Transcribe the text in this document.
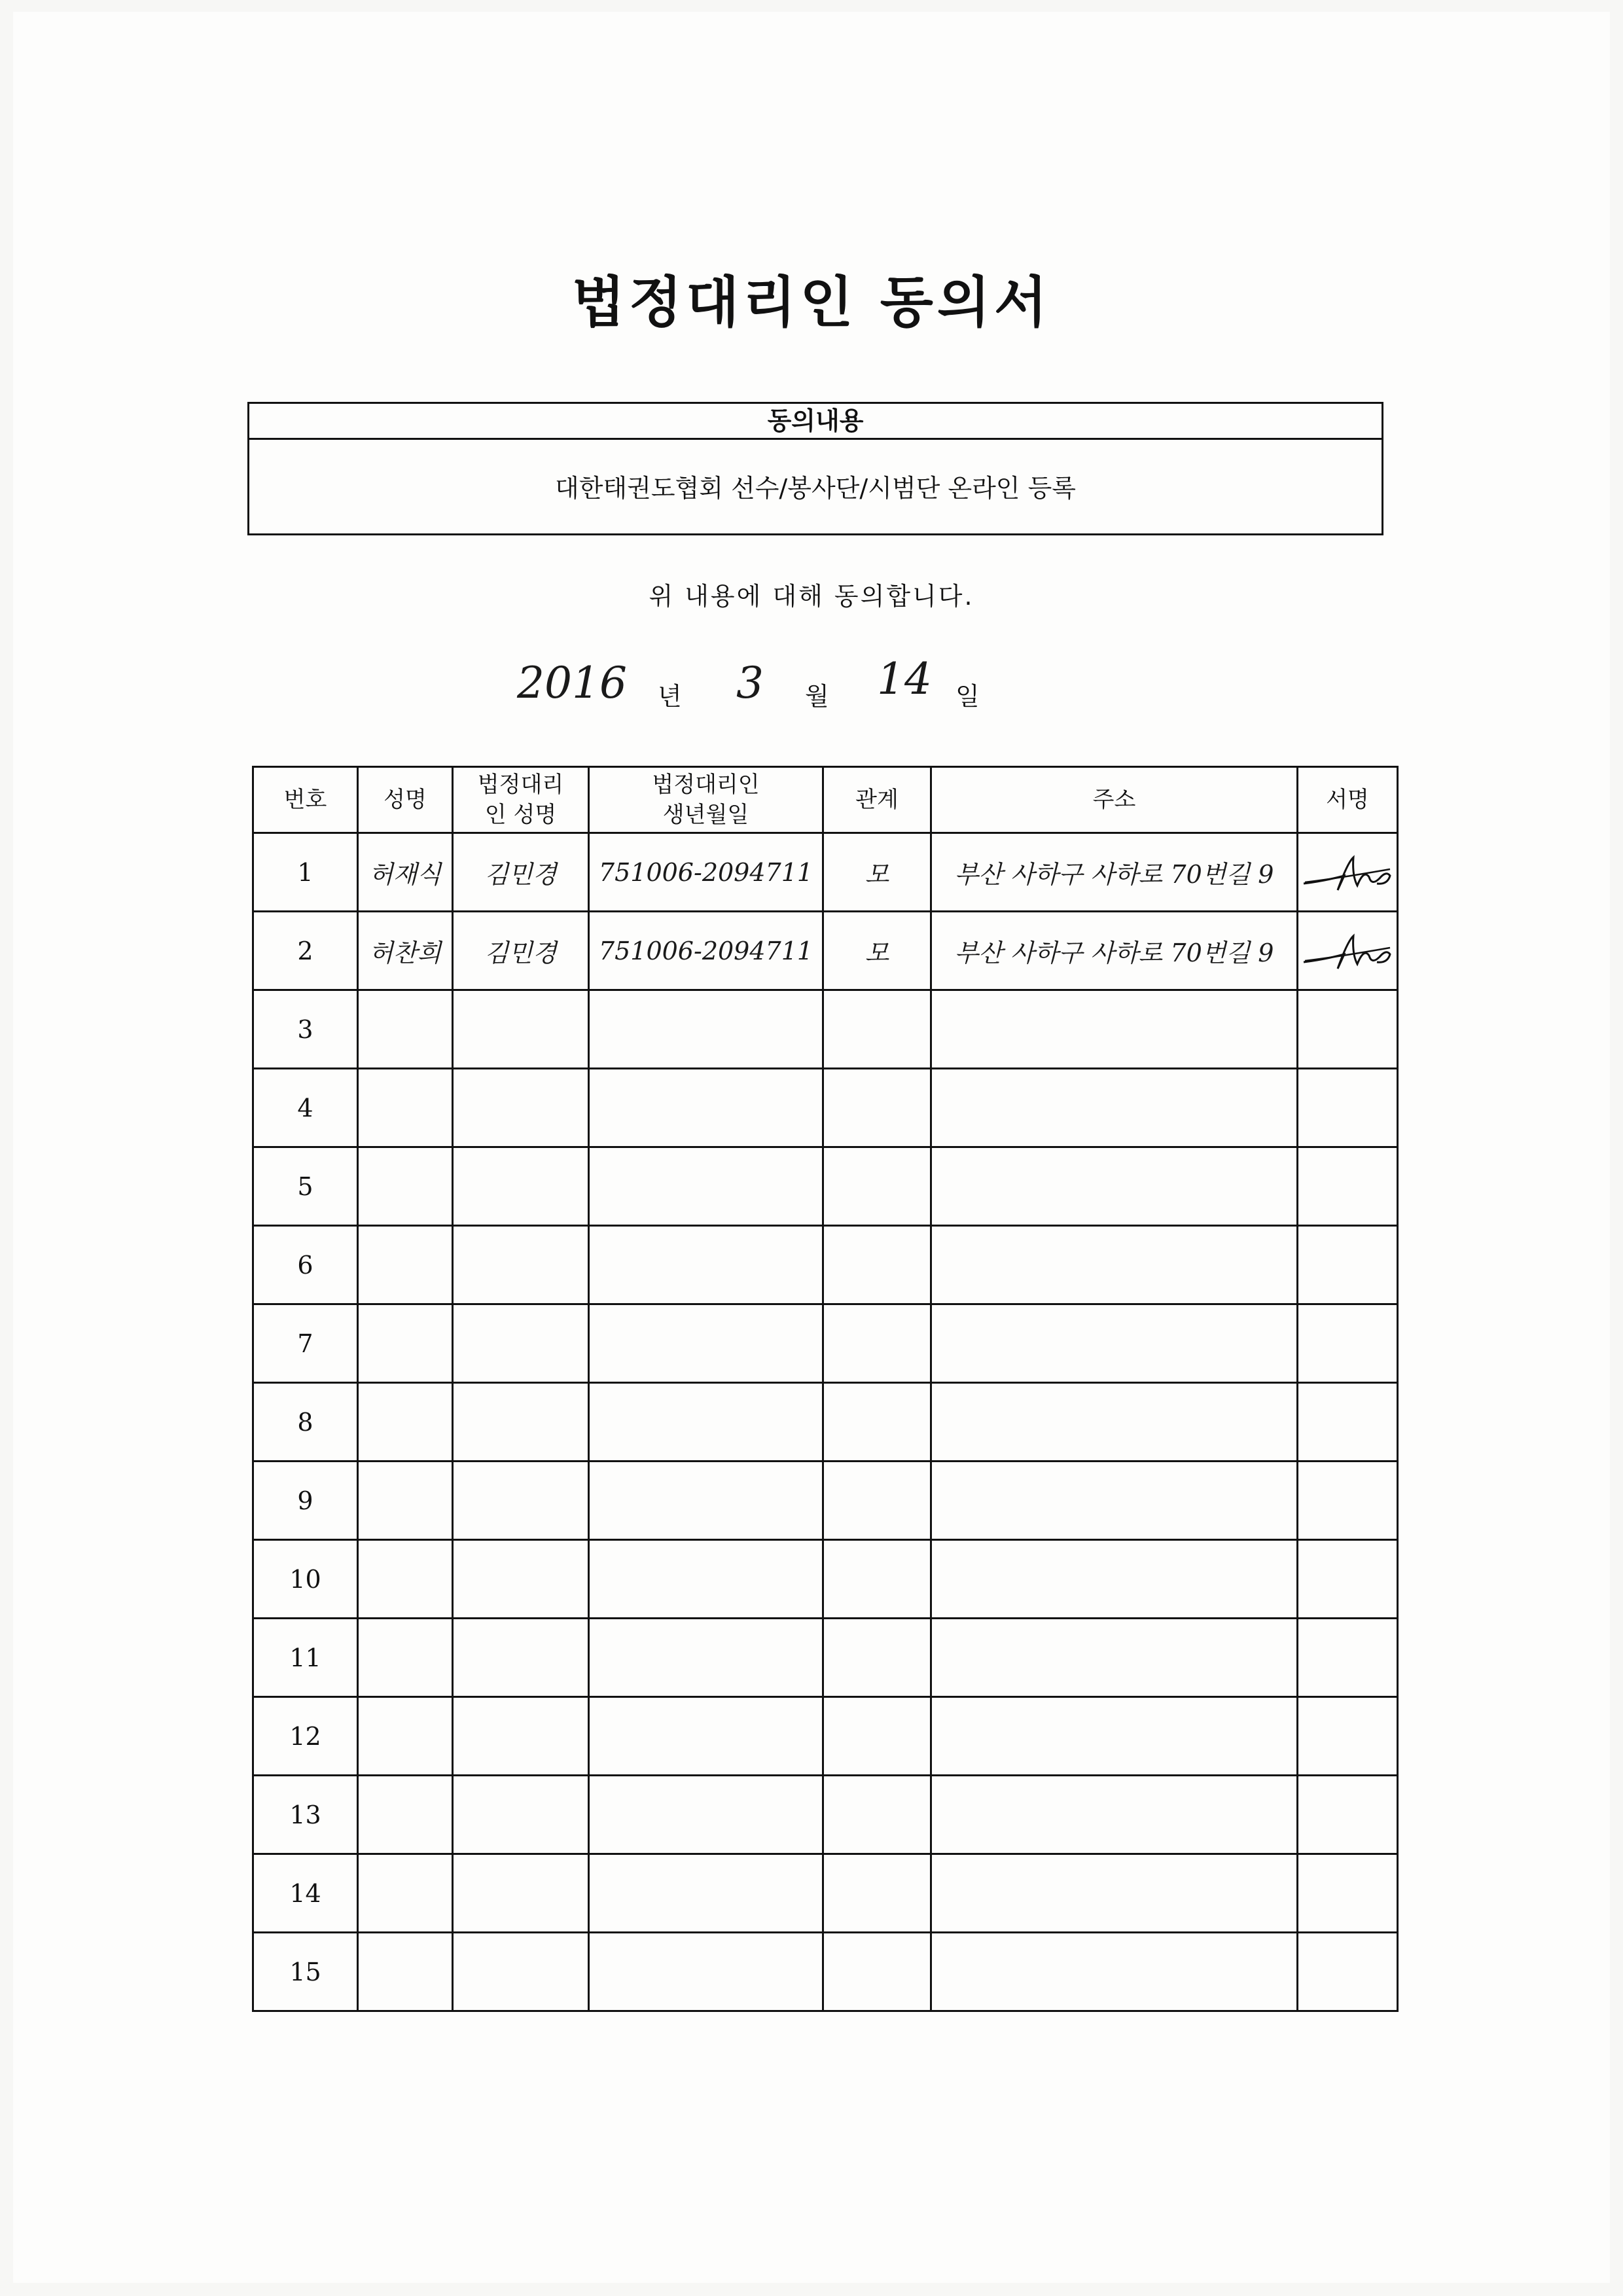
법정대리인 동의서
동의내용
대한태권도협회 선수/봉사단/시범단 온라인 등록
위 내용에 대해 동의합니다.
2016 년 3 월 14 일
번호	성명	법정대리인 성명	법정대리인 생년월일	관계	주소	서명
1	허재식	김민경	751006-2094711	모	부산 사하구 사하로 70번길 9	

2	허찬희	김민경	751006-2094711	모	부산 사하구 사하로 70번길 9	

3						
4						
5						
6						
7						
8						
9						
10						
11						
12						
13						
14						
15						
